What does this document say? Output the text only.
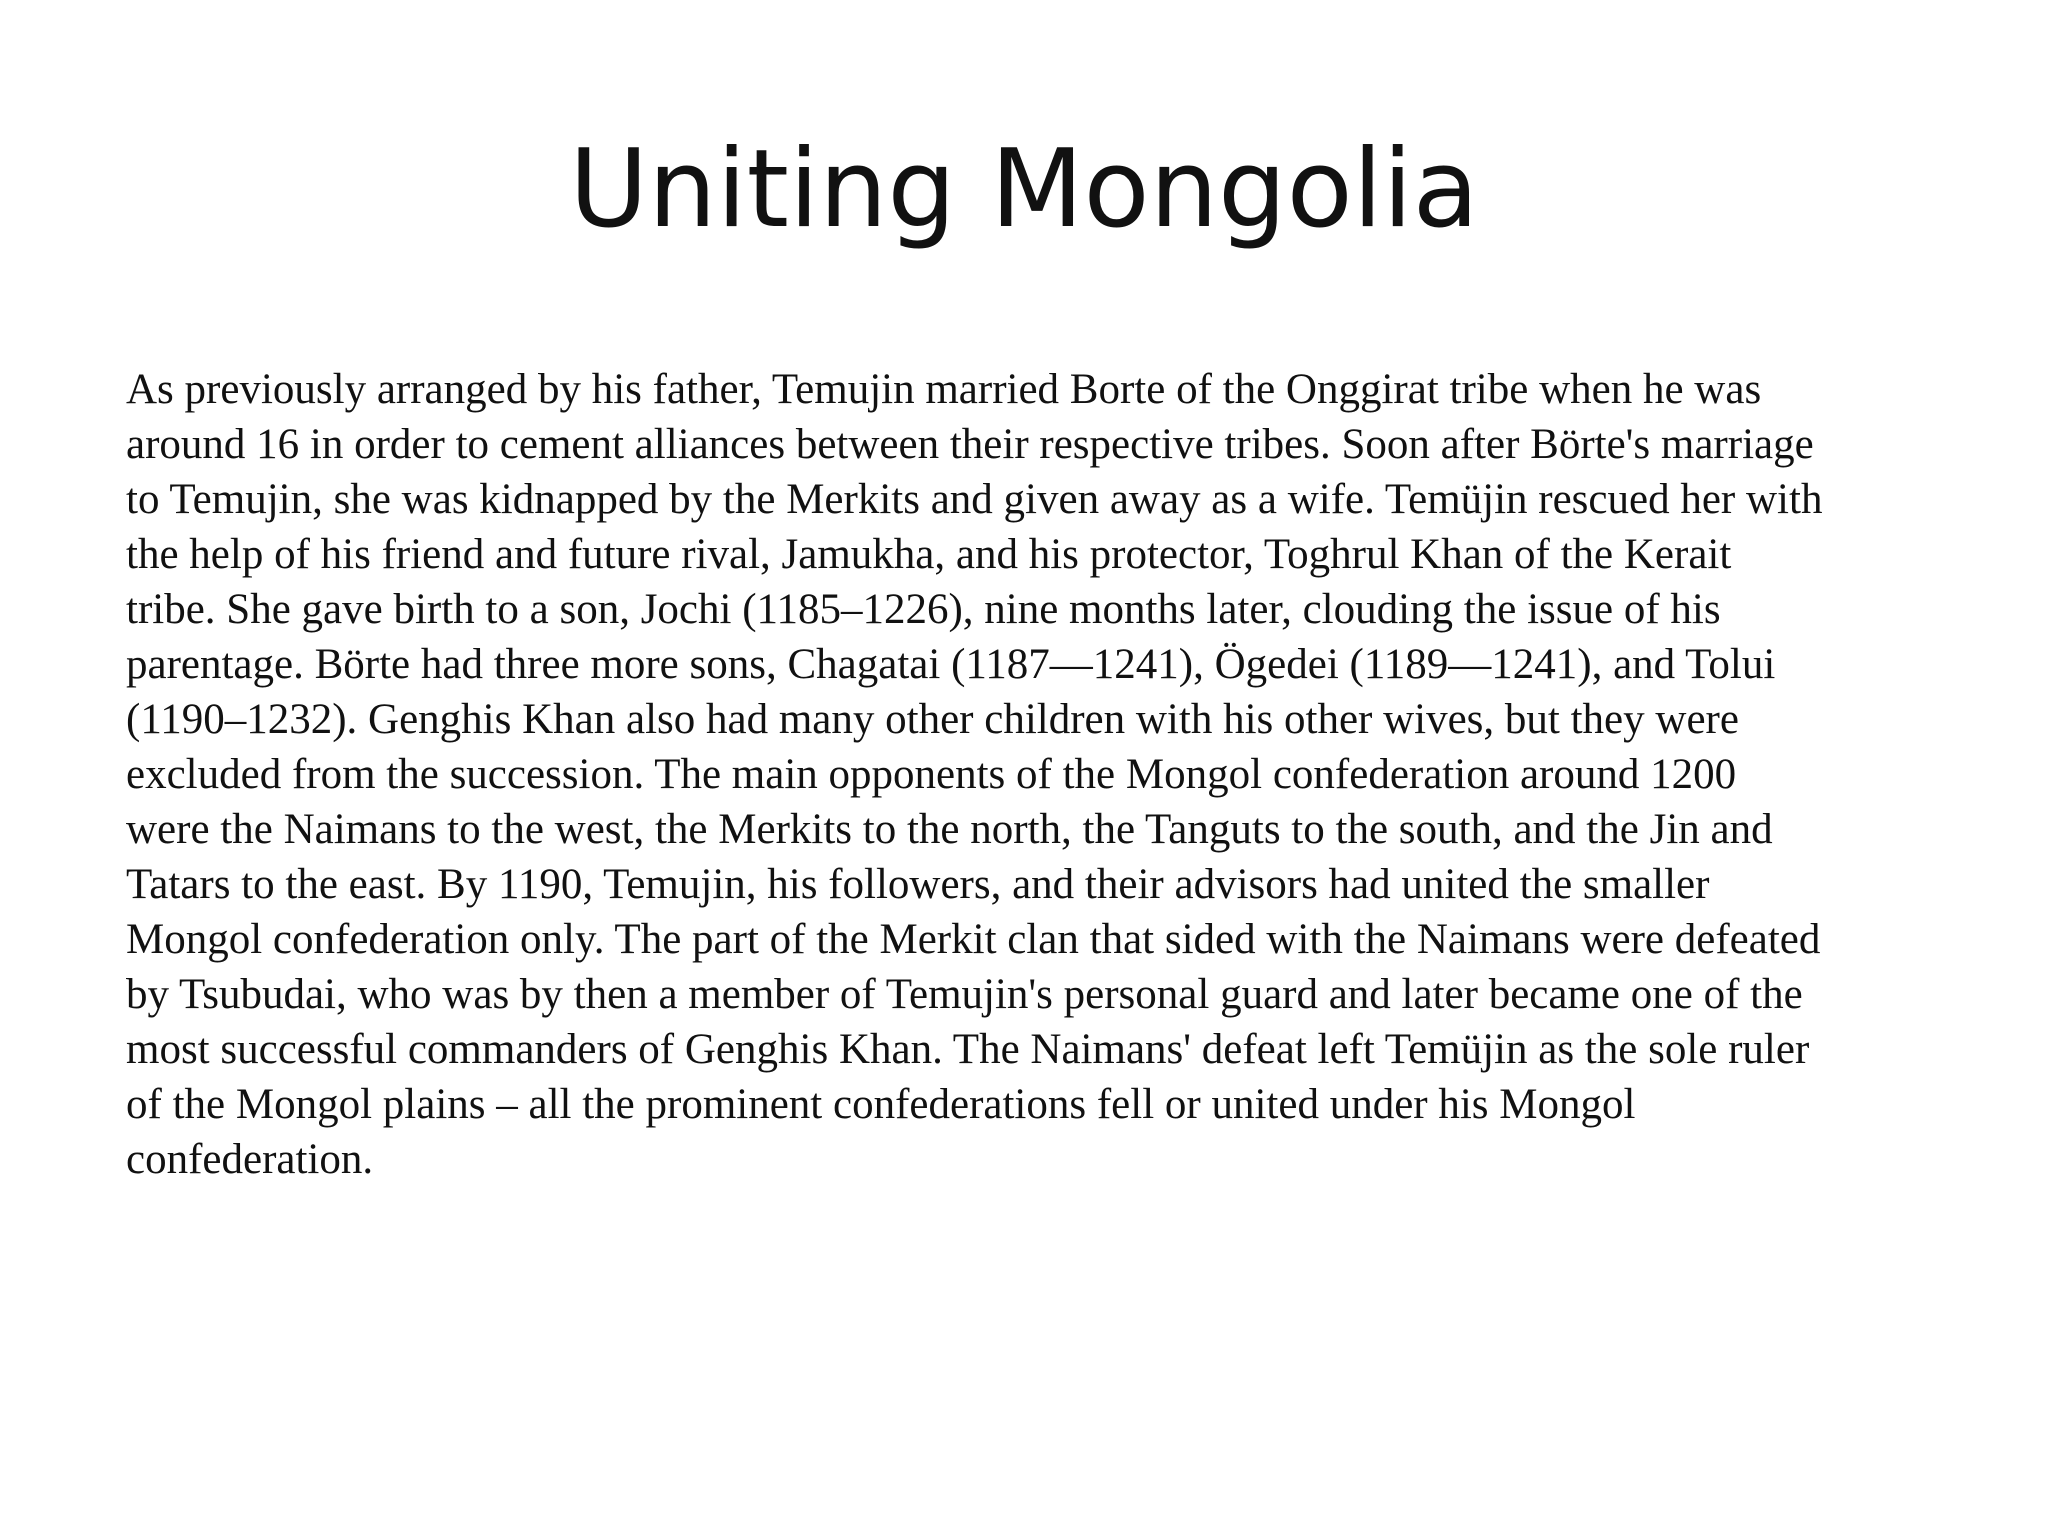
Uniting Mongolia
As previously arranged by his father, Temujin married Borte of the Onggirat tribe when he was
around 16 in order to cement alliances between their respective tribes. Soon after Börte's marriage
to Temujin, she was kidnapped by the Merkits and given away as a wife. Temüjin rescued her with
the help of his friend and future rival, Jamukha, and his protector, Toghrul Khan of the Kerait
tribe. She gave birth to a son, Jochi (1185–1226), nine months later, clouding the issue of his
parentage. Börte had three more sons, Chagatai (1187—1241), Ögedei (1189—1241), and Tolui
(1190–1232). Genghis Khan also had many other children with his other wives, but they were
excluded from the succession. The main opponents of the Mongol confederation around 1200
were the Naimans to the west, the Merkits to the north, the Tanguts to the south, and the Jin and
Tatars to the east. By 1190, Temujin, his followers, and their advisors had united the smaller
Mongol confederation only. The part of the Merkit clan that sided with the Naimans were defeated
by Tsubudai, who was by then a member of Temujin's personal guard and later became one of the
most successful commanders of Genghis Khan. The Naimans' defeat left Temüjin as the sole ruler
of the Mongol plains – all the prominent confederations fell or united under his Mongol
confederation.
